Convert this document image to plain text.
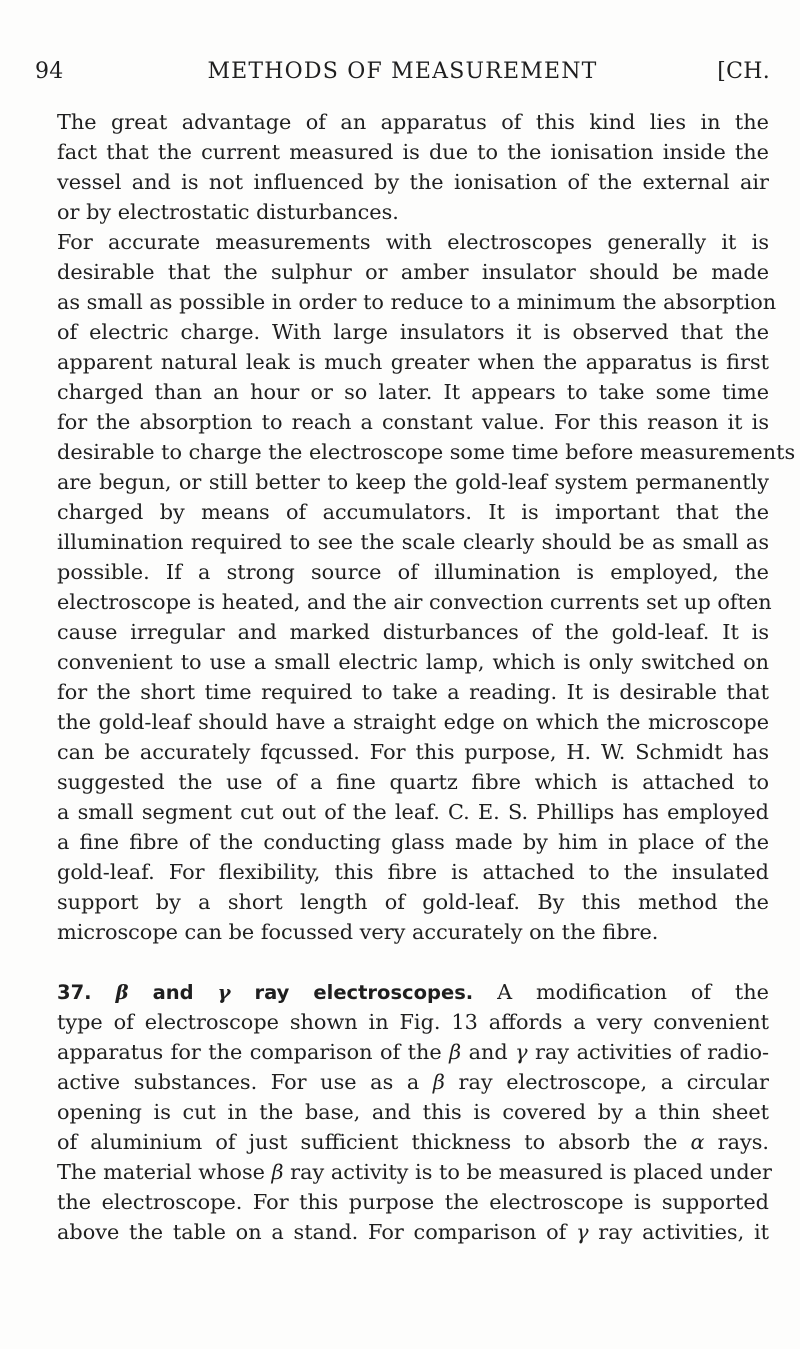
94	METHODS OF MEASUREMENT	[CH.

The great advantage of an apparatus of this kind lies in the
fact that the current measured is due to the ionisation inside the
vessel and is not influenced by the ionisation of the external air
or by electrostatic disturbances.

For accurate measurements with electroscopes generally it is
desirable that the sulphur or amber insulator should be made
as small as possible in order to reduce to a minimum the absorption
of electric charge. With large insulators it is observed that the
apparent natural leak is much greater when the apparatus is first
charged than an hour or so later. It appears to take some time
for the absorption to reach a constant value. For this reason it is
desirable to charge the electroscope some time before measurements
are begun, or still better to keep the gold-leaf system permanently
charged by means of accumulators. It is important that the
illumination required to see the scale clearly should be as small as
possible. If a strong source of illumination is employed, the
electroscope is heated, and the air convection currents set up often
cause irregular and marked disturbances of the gold-leaf. It is
convenient to use a small electric lamp, which is only switched on
for the short time required to take a reading. It is desirable that
the gold-leaf should have a straight edge on which the microscope
can be accurately fqcussed. For this purpose, H. W. Schmidt has
suggested the use of a fine quartz fibre which is attached to
a small segment cut out of the leaf. C. E. S. Phillips has employed
a fine fibre of the conducting glass made by him in place of the
gold-leaf. For flexibility, this fibre is attached to the insulated
support by a short length of gold-leaf. By this method the
microscope can be focussed very accurately on the fibre.

37. β and γ ray electroscopes. A modification of the
type of electroscope shown in Fig. 13 affords a very convenient
apparatus for the comparison of the β and γ ray activities of radio-
active substances. For use as a β ray electroscope, a circular
opening is cut in the base, and this is covered by a thin sheet
of aluminium of just sufficient thickness to absorb the α rays.
The material whose β ray activity is to be measured is placed under
the electroscope. For this purpose the electroscope is supported
above the table on a stand. For comparison of γ ray activities, it
